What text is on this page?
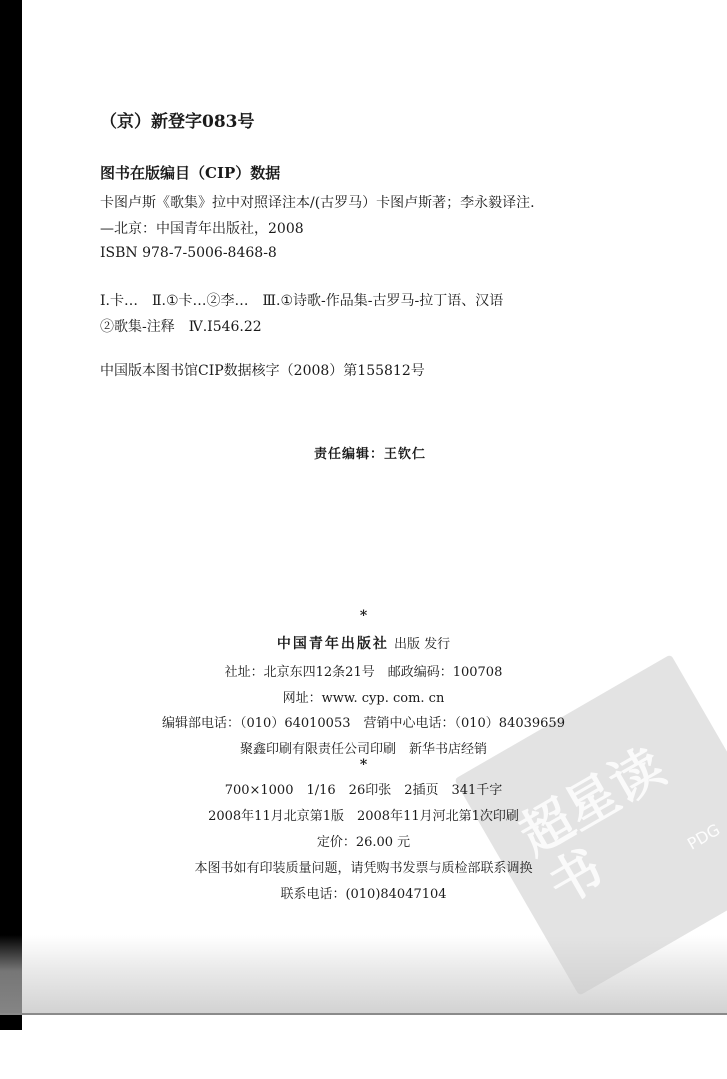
超星读书
PDG
（京）新登字083号
图书在版编目（CIP）数据
卡图卢斯《歌集》拉中对照译注本/(古罗马）卡图卢斯著；李永毅译注.
—北京：中国青年出版社，2008
ISBN 978-7-5006-8468-8
Ⅰ.卡…　Ⅱ.①卡…②李…　Ⅲ.①诗歌-作品集-古罗马-拉丁语、汉语
②歌集-注释　Ⅳ.I546.22
中国版本图书馆CIP数据核字（2008）第155812号
责任编辑：王钦仁
*
中国青年出版社 出版 发行
社址：北京东四12条21号　邮政编码：100708
网址：www. cyp. com. cn
编辑部电话：（010）64010053　营销中心电话：（010）84039659
聚鑫印刷有限责任公司印刷　新华书店经销
*
700×1000　1/16　26印张　2插页　341千字
2008年11月北京第1版　2008年11月河北第1次印刷
定价：26.00 元
本图书如有印装质量问题，请凭购书发票与质检部联系调换
联系电话：(010)84047104
